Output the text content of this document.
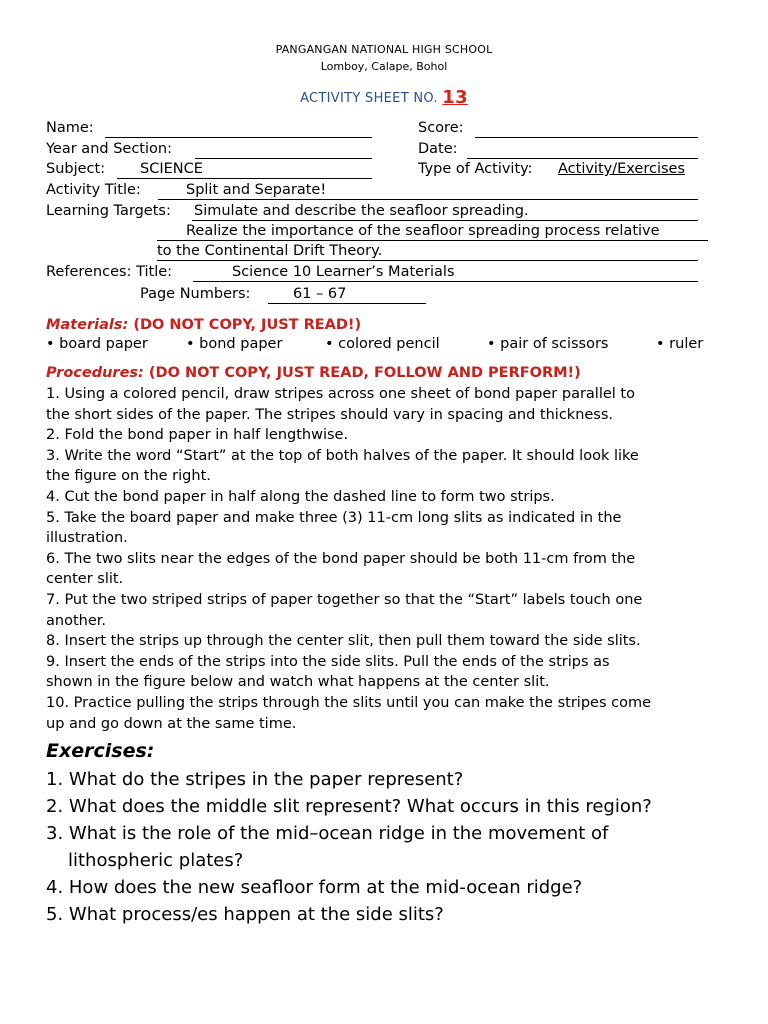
PANGANGAN NATIONAL HIGH SCHOOL
Lomboy, Calape, Bohol
ACTIVITY SHEET NO. 13
Name:	Score:
Year and Section:	Date:
Subject: SCIENCE	Type of Activity: Activity/Exercises
Activity Title:	Split and Separate!
Learning Targets: Simulate and describe the seafloor spreading.
Realize the importance of the seafloor spreading process relative
to the Continental Drift Theory.
References: Title:	Science 10 Learner’s Materials
Page Numbers:	61 – 67
Materials: (DO NOT COPY, JUST READ!)
• board paper	• bond paper	• colored pencil	• pair of scissors	• ruler
Procedures: (DO NOT COPY, JUST READ, FOLLOW AND PERFORM!)
1. Using a colored pencil, draw stripes across one sheet of bond paper parallel to
the short sides of the paper. The stripes should vary in spacing and thickness.
2. Fold the bond paper in half lengthwise.
3. Write the word “Start” at the top of both halves of the paper. It should look like
the figure on the right.
4. Cut the bond paper in half along the dashed line to form two strips.
5. Take the board paper and make three (3) 11-cm long slits as indicated in the
illustration.
6. The two slits near the edges of the bond paper should be both 11-cm from the
center slit.
7. Put the two striped strips of paper together so that the “Start” labels touch one
another.
8. Insert the strips up through the center slit, then pull them toward the side slits.
9. Insert the ends of the strips into the side slits. Pull the ends of the strips as
shown in the figure below and watch what happens at the center slit.
10. Practice pulling the strips through the slits until you can make the stripes come
up and go down at the same time.
Exercises:
1. What do the stripes in the paper represent?
2. What does the middle slit represent? What occurs in this region?
3. What is the role of the mid–ocean ridge in the movement of
lithospheric plates?
4. How does the new seafloor form at the mid-ocean ridge?
5. What process/es happen at the side slits?
